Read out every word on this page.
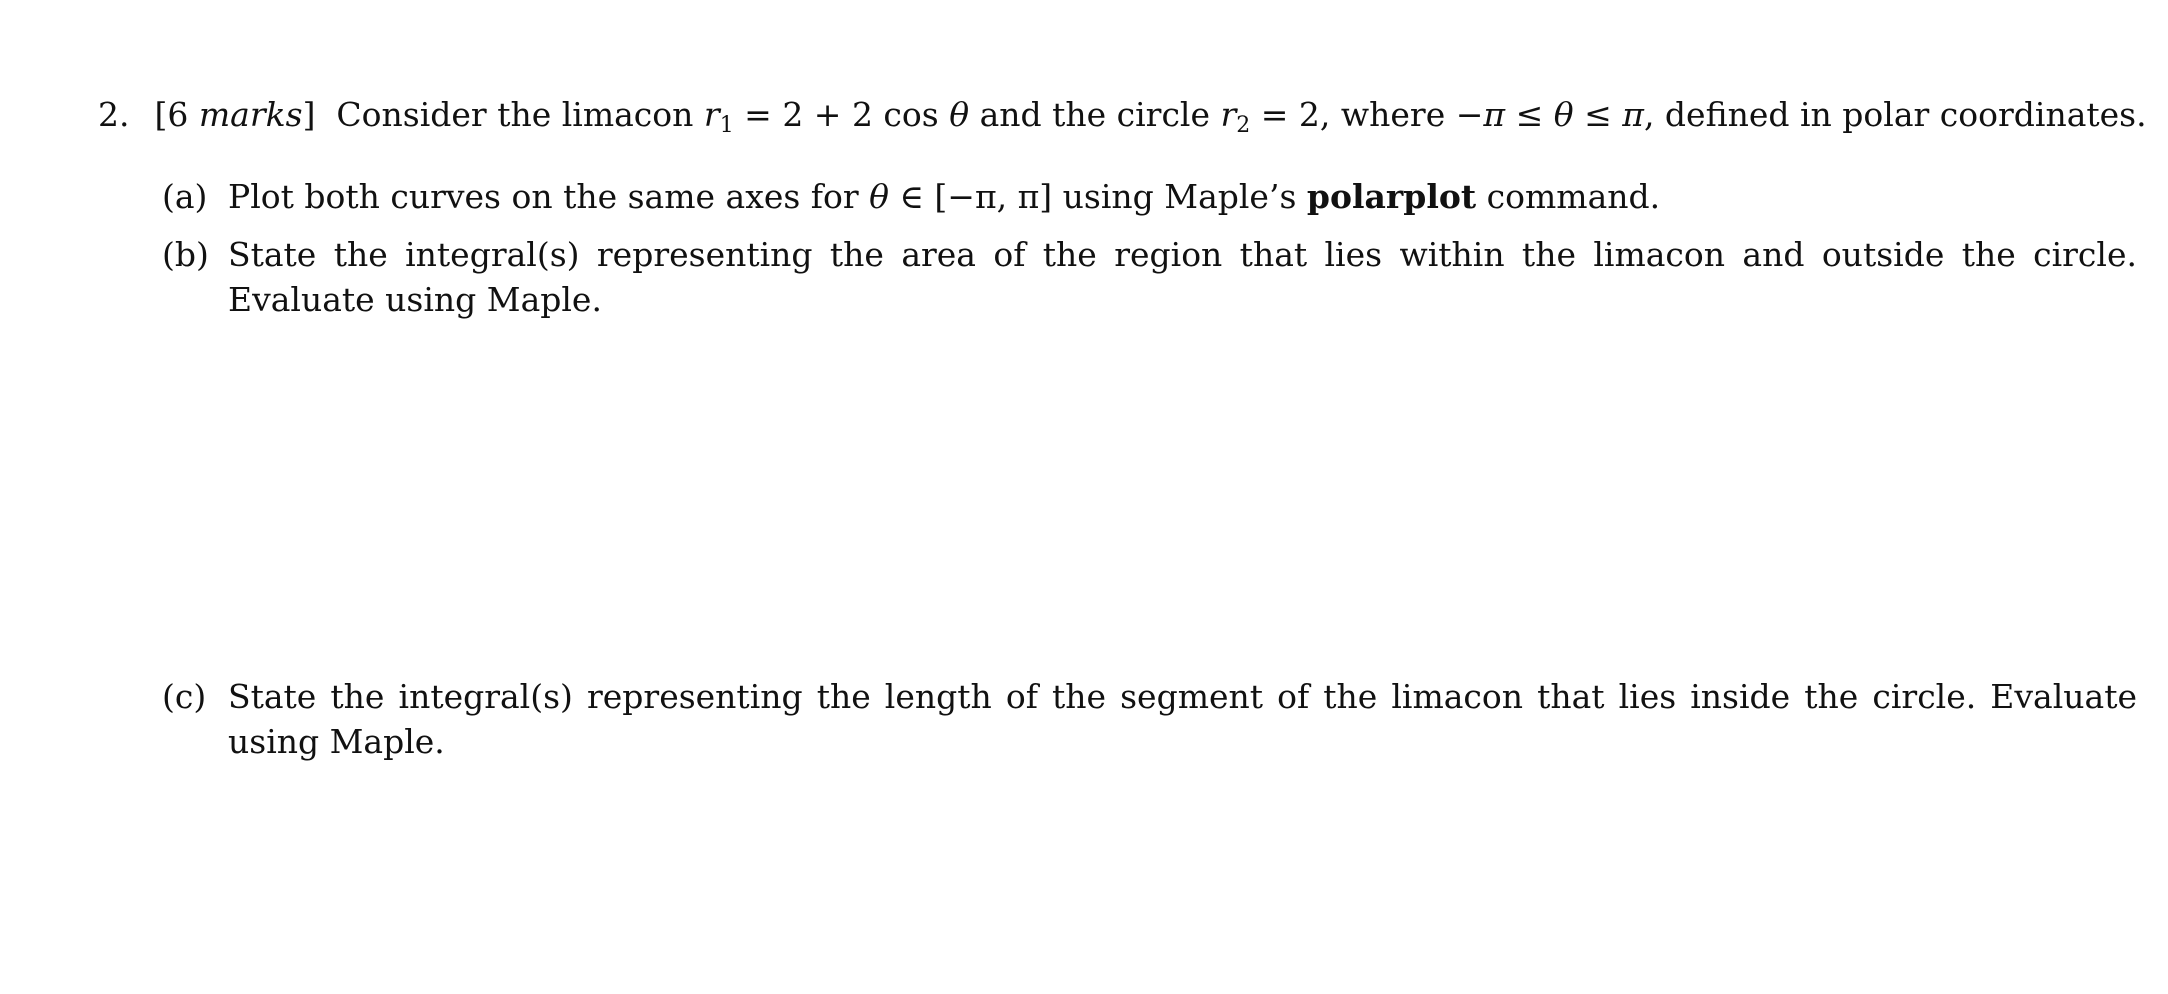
2. [6 marks]  Consider the limacon $r_1 = 2 + 2$ cos θ and the circle $r_2 = 2$, where −π ≤ θ ≤ π, defined in polar coordinates.
(a) Plot both curves on the same axes for θ ∈ [−π, π] using Maple’s polarplot command.
(b) State the integral(s) representing the area of the region that lies within the limacon and outside the circle. Evaluate using Maple.
(c) State the integral(s) representing the length of the segment of the limacon that lies inside the circle. Evaluate using Maple.
